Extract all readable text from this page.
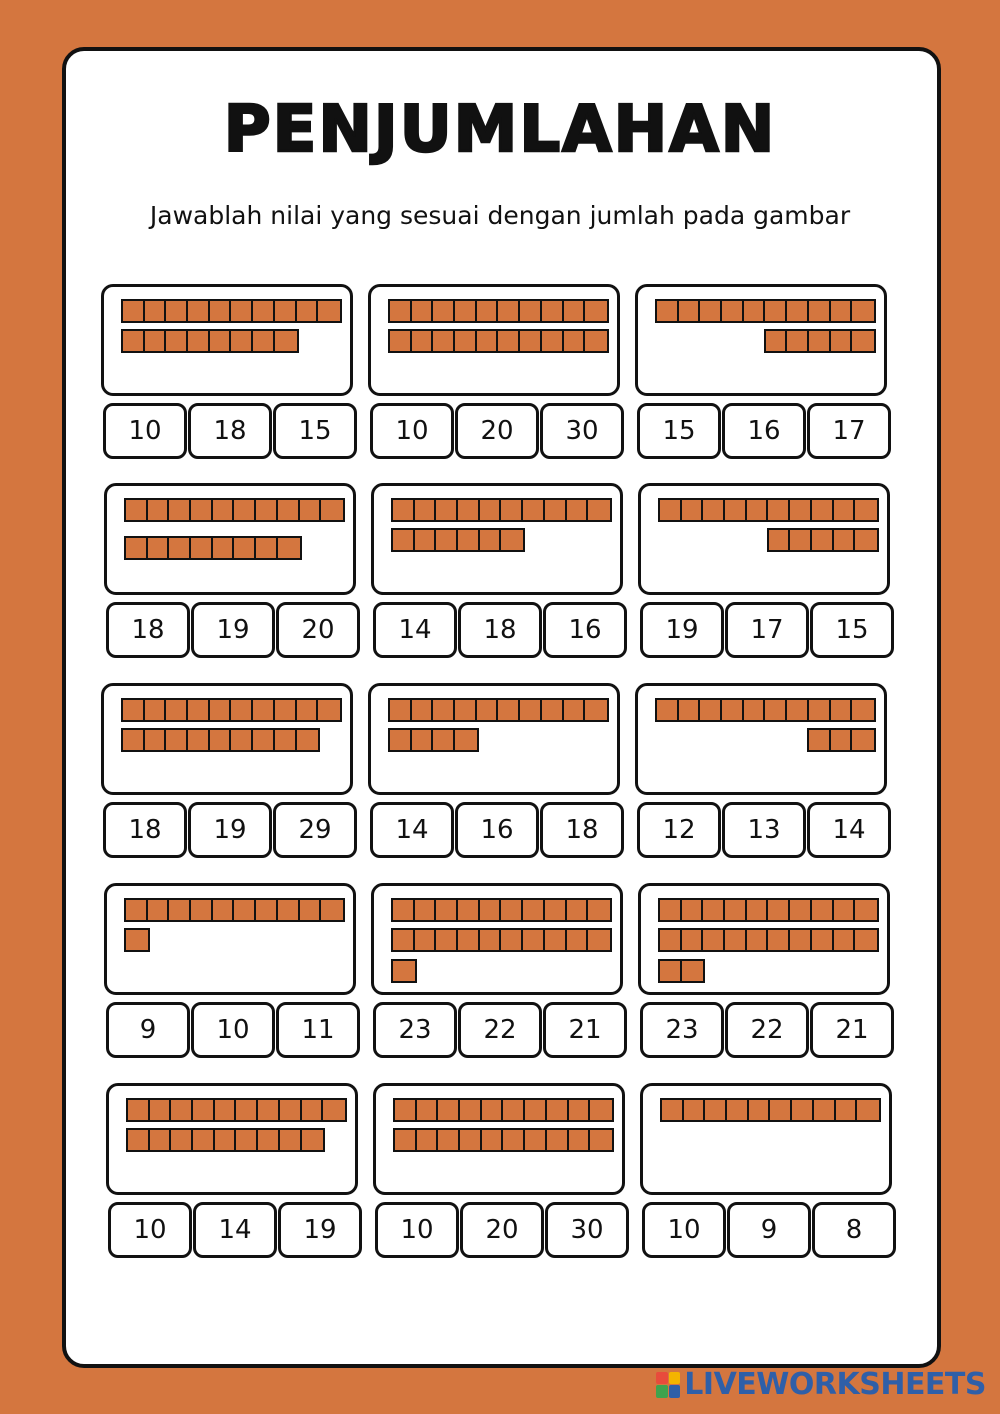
PENJUMLAHAN
Jawablah nilai yang sesuai dengan jumlah pada gambar
10	18	15	10	20	30	15	16	17
18	19	20	14	18	16	19	17	15
18	19	29	14	16	18	12	13	14
9	10	11	23	22	21	23	22	21
10	14	19	10	20	30	10	9	8
LIVEWORKSHEETS
